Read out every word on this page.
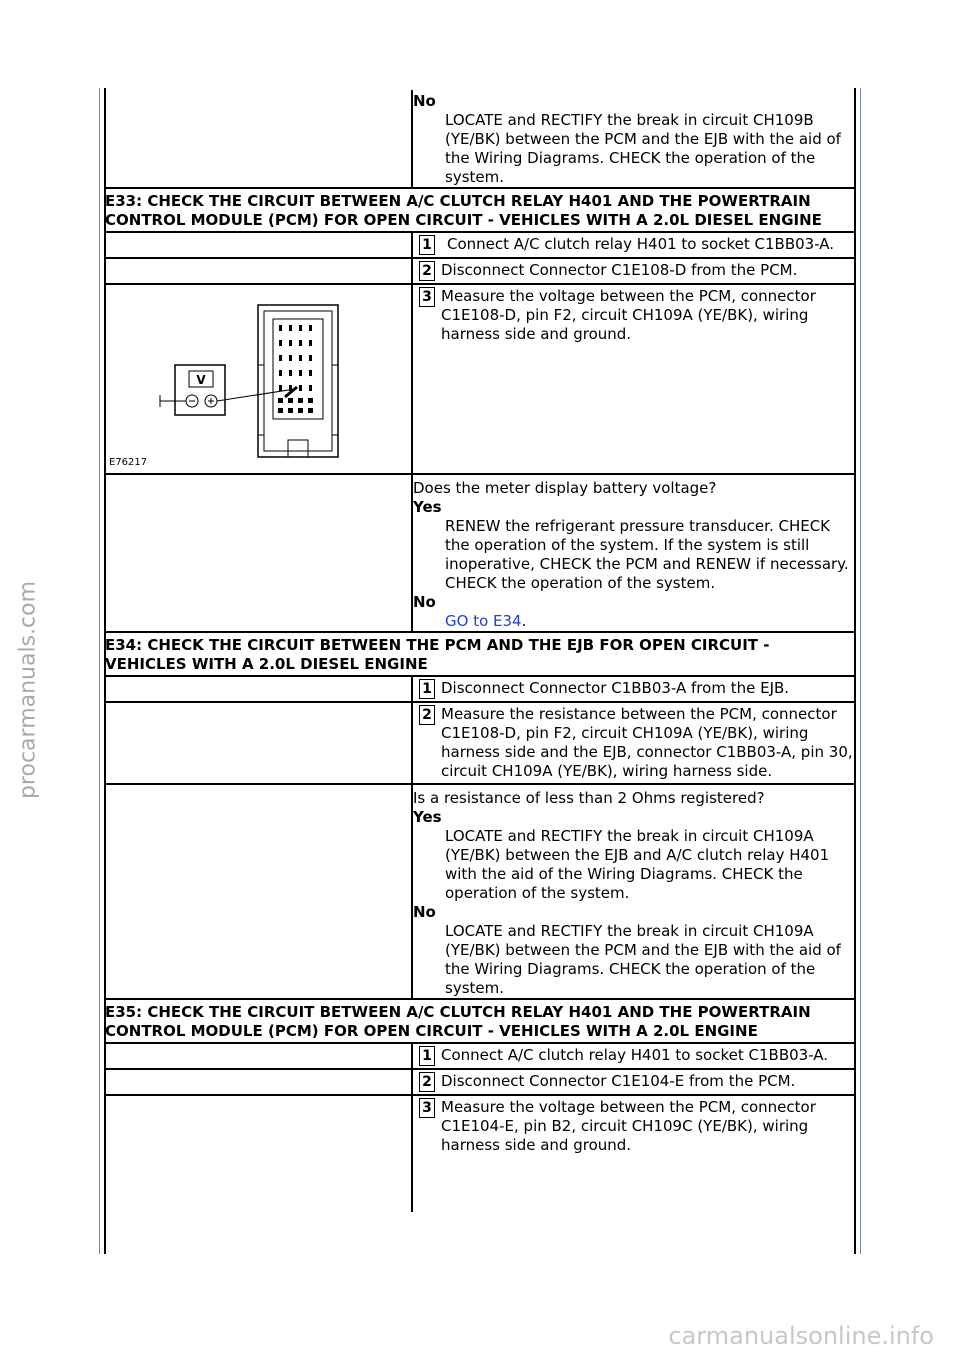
procarmanuals.com
carmanualsonline.info
No
LOCATE and RECTIFY the break in circuit CH109B (YE/BK) between the PCM and the EJB with the aid of the Wiring Diagrams. CHECK the operation of the system.
E33: CHECK THE CIRCUIT BETWEEN A/C CLUTCH RELAY H401 AND THE POWERTRAIN CONTROL MODULE (PCM) FOR OPEN CIRCUIT - VEHICLES WITH A 2.0L DIESEL ENGINE
1	Connect A/C clutch relay H401 to socket C1BB03-A.
2 Disconnect Connector C1E108-D from the PCM.
V
E76217
3 Measure the voltage between the PCM, connector C1E108-D, pin F2, circuit CH109A (YE/BK), wiring harness side and ground.
Does the meter display battery voltage?
Yes
RENEW the refrigerant pressure transducer. CHECK the operation of the system. If the system is still inoperative, CHECK the PCM and RENEW if necessary. CHECK the operation of the system.
No
GO to E34.
E34: CHECK THE CIRCUIT BETWEEN THE PCM AND THE EJB FOR OPEN CIRCUIT - VEHICLES WITH A 2.0L DIESEL ENGINE
1 Disconnect Connector C1BB03-A from the EJB.
2 Measure the resistance between the PCM, connector C1E108-D, pin F2, circuit CH109A (YE/BK), wiring harness side and the EJB, connector C1BB03-A, pin 30, circuit CH109A (YE/BK), wiring harness side.
Is a resistance of less than 2 Ohms registered?
Yes
LOCATE and RECTIFY the break in circuit CH109A (YE/BK) between the EJB and A/C clutch relay H401 with the aid of the Wiring Diagrams. CHECK the operation of the system.
No
LOCATE and RECTIFY the break in circuit CH109A (YE/BK) between the PCM and the EJB with the aid of the Wiring Diagrams. CHECK the operation of the system.
E35: CHECK THE CIRCUIT BETWEEN A/C CLUTCH RELAY H401 AND THE POWERTRAIN CONTROL MODULE (PCM) FOR OPEN CIRCUIT - VEHICLES WITH A 2.0L ENGINE
1 Connect A/C clutch relay H401 to socket C1BB03-A.
2 Disconnect Connector C1E104-E from the PCM.
3 Measure the voltage between the PCM, connector C1E104-E, pin B2, circuit CH109C (YE/BK), wiring harness side and ground.
